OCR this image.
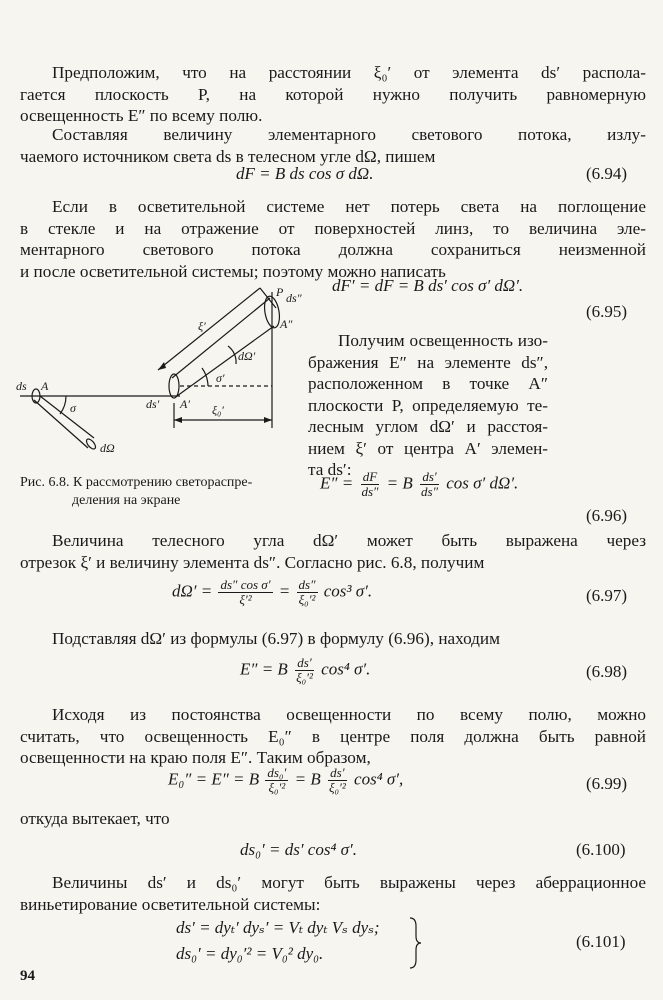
Предположим, что на расстоянии ξ₀′ от элемента ds′ распола-
гается плоскость P, на которой нужно получить равномерную
освещенность E″ по всему полю.
Составляя величину элементарного светового потока, излу-
чаемого источником света ds в телесном угле dΩ, пишем
dF = B ds cos σ dΩ.	(6.94)
Если в осветительной системе нет потерь света на поглощение
в стекле и на отражение от поверхностей линз, то величина эле-
ментарного светового потока должна сохраниться неизменной
и после осветительной системы; поэтому можно написать
dF′ = dF = B ds′ cos σ′ dΩ′.
(6.95)
ds A
σ
dΩ
ds′ A′
ξ′
ξ₀′
σ′
dΩ′
P ds″
A″
Получим освещенность изо-
бражения E″ на элементе ds″,
расположенном в точке A″
плоскости P, определяемую те-
лесным углом dΩ′ и расстоя-
нием ξ′ от центра A′ элемен-
та ds′:
Рис. 6.8. К рассмотрению светораспре-
деления на экране
$E'' = \frac{dF}{ds''} = B \frac{ds'}{ds''}$ cos σ′ dΩ′.
(6.96)
Величина телесного угла dΩ′ может быть выражена через
отрезок ξ′ и величину элемента ds″. Согласно рис. 6.8, получим
$d\Omega' = \frac{\text{ds″ cos σ′}}{\text{ξ′²}} = \frac{ds''}{\text{ξ₀′²}} \cos^3$ σ′.	(6.97)
Подставляя dΩ′ из формулы (6.97) в формулу (6.96), находим
E″ = B $\frac{ds'}{\text{ξ₀′²}} \cos^4$ σ′.	(6.98)
Исходя из постоянства освещенности по всему полю, можно
считать, что освещенность E₀″ в центре поля должна быть равной
освещенности на краю поля E″. Таким образом,
E₀″ = E″ = B $\frac{\text{ds₀′}}{\text{ξ₀′²}} = B \frac{ds'}{\text{ξ₀′²}} \cos^4$ σ′,	(6.99)
откуда вытекает, что
ds₀′ = ds′ cos⁴ σ′.	(6.100)
Величины ds′ и ds₀′ могут быть выражены через аберрационное
виньетирование осветительной системы:
ds′ = dyₜ′ dyₛ′ = Vₜ dyₜ Vₛ dyₛ;
ds₀′ = dy₀′² = V₀² dy₀.
(6.101)
94
